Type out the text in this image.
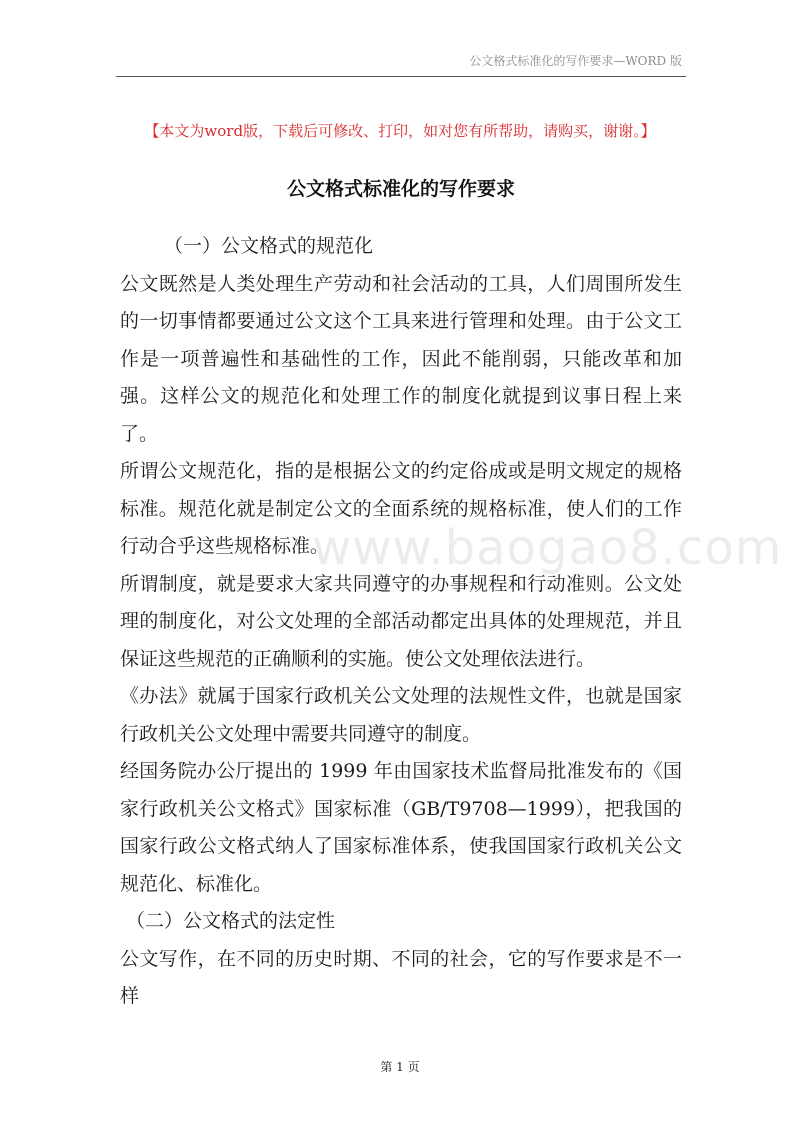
公文格式标准化的写作要求—WORD 版
【本文为word版，下载后可修改、打印，如对您有所帮助，请购买，谢谢。】
公文格式标准化的写作要求

（一）公文格式的规范化

公文既然是人类处理生产劳动和社会活动的工具，人们周围所发生的一切事情都要通过公文这个工具来进行管理和处理。由于公文工作是一项普遍性和基础性的工作，因此不能削弱，只能改革和加强。这样公文的规范化和处理工作的制度化就提到议事日程上来了。

所谓公文规范化，指的是根据公文的约定俗成或是明文规定的规格标准。规范化就是制定公文的全面系统的规格标准，使人们的工作行动合乎这些规格标准。

所谓制度，就是要求大家共同遵守的办事规程和行动准则。公文处理的制度化，对公文处理的全部活动都定出具体的处理规范，并且保证这些规范的正确顺利的实施。使公文处理依法进行。

《办法》就属于国家行政机关公文处理的法规性文件，也就是国家行政机关公文处理中需要共同遵守的制度。

经国务院办公厅提出的 1999 年由国家技术监督局批准发布的《国家行政机关公文格式》国家标准（GB/T9708—1999），把我国的国家行政公文格式纳人了国家标准体系，使我国国家行政机关公文规范化、标准化。

（二）公文格式的法定性

公文写作，在不同的历史时期、不同的社会，它的写作要求是不一样

www.baogao8.com
第 1 页
